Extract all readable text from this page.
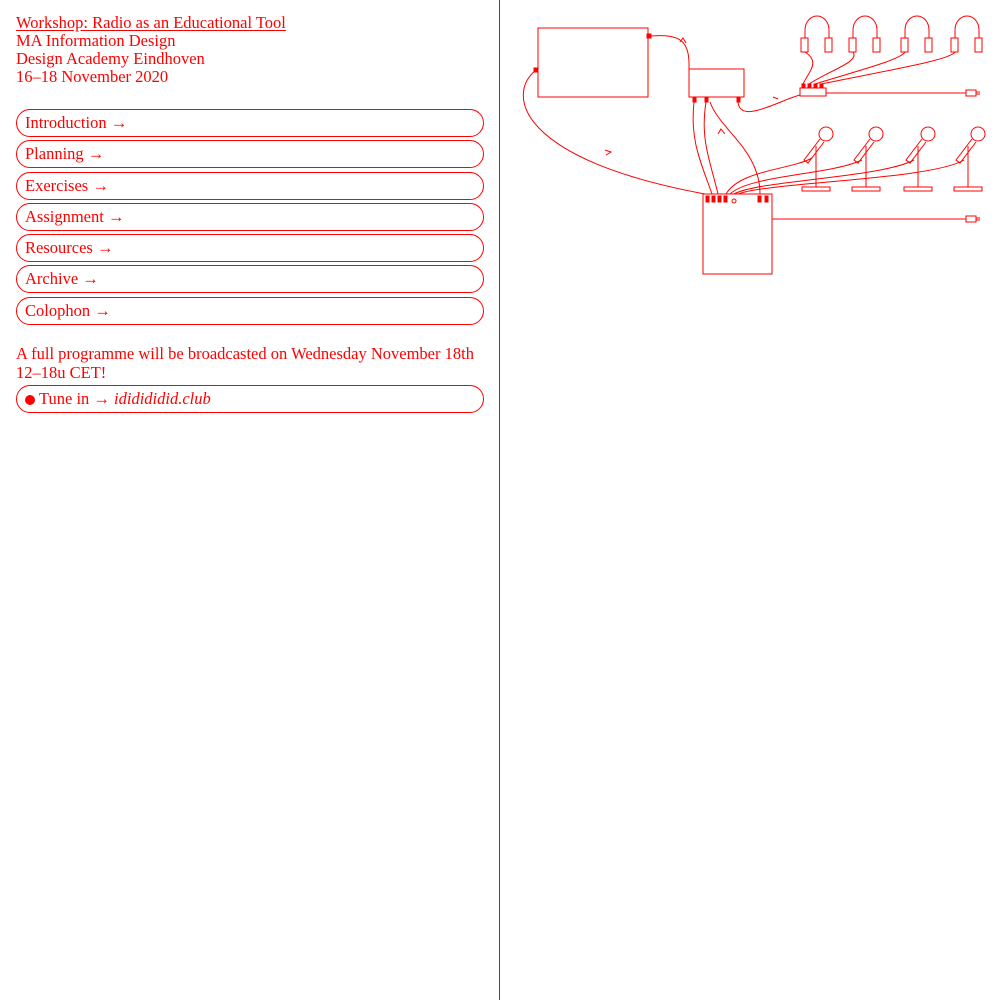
Workshop: Radio as an Educational Tool
MA Information Design
Design Academy Eindhoven
16–18 November 2020
Introduction →
Planning →
Exercises →
Assignment →
Resources →
Archive →
Colophon →
A full programme will be broadcasted on Wednesday November 18th 12–18u CET!
Tune in → ididididid.club
